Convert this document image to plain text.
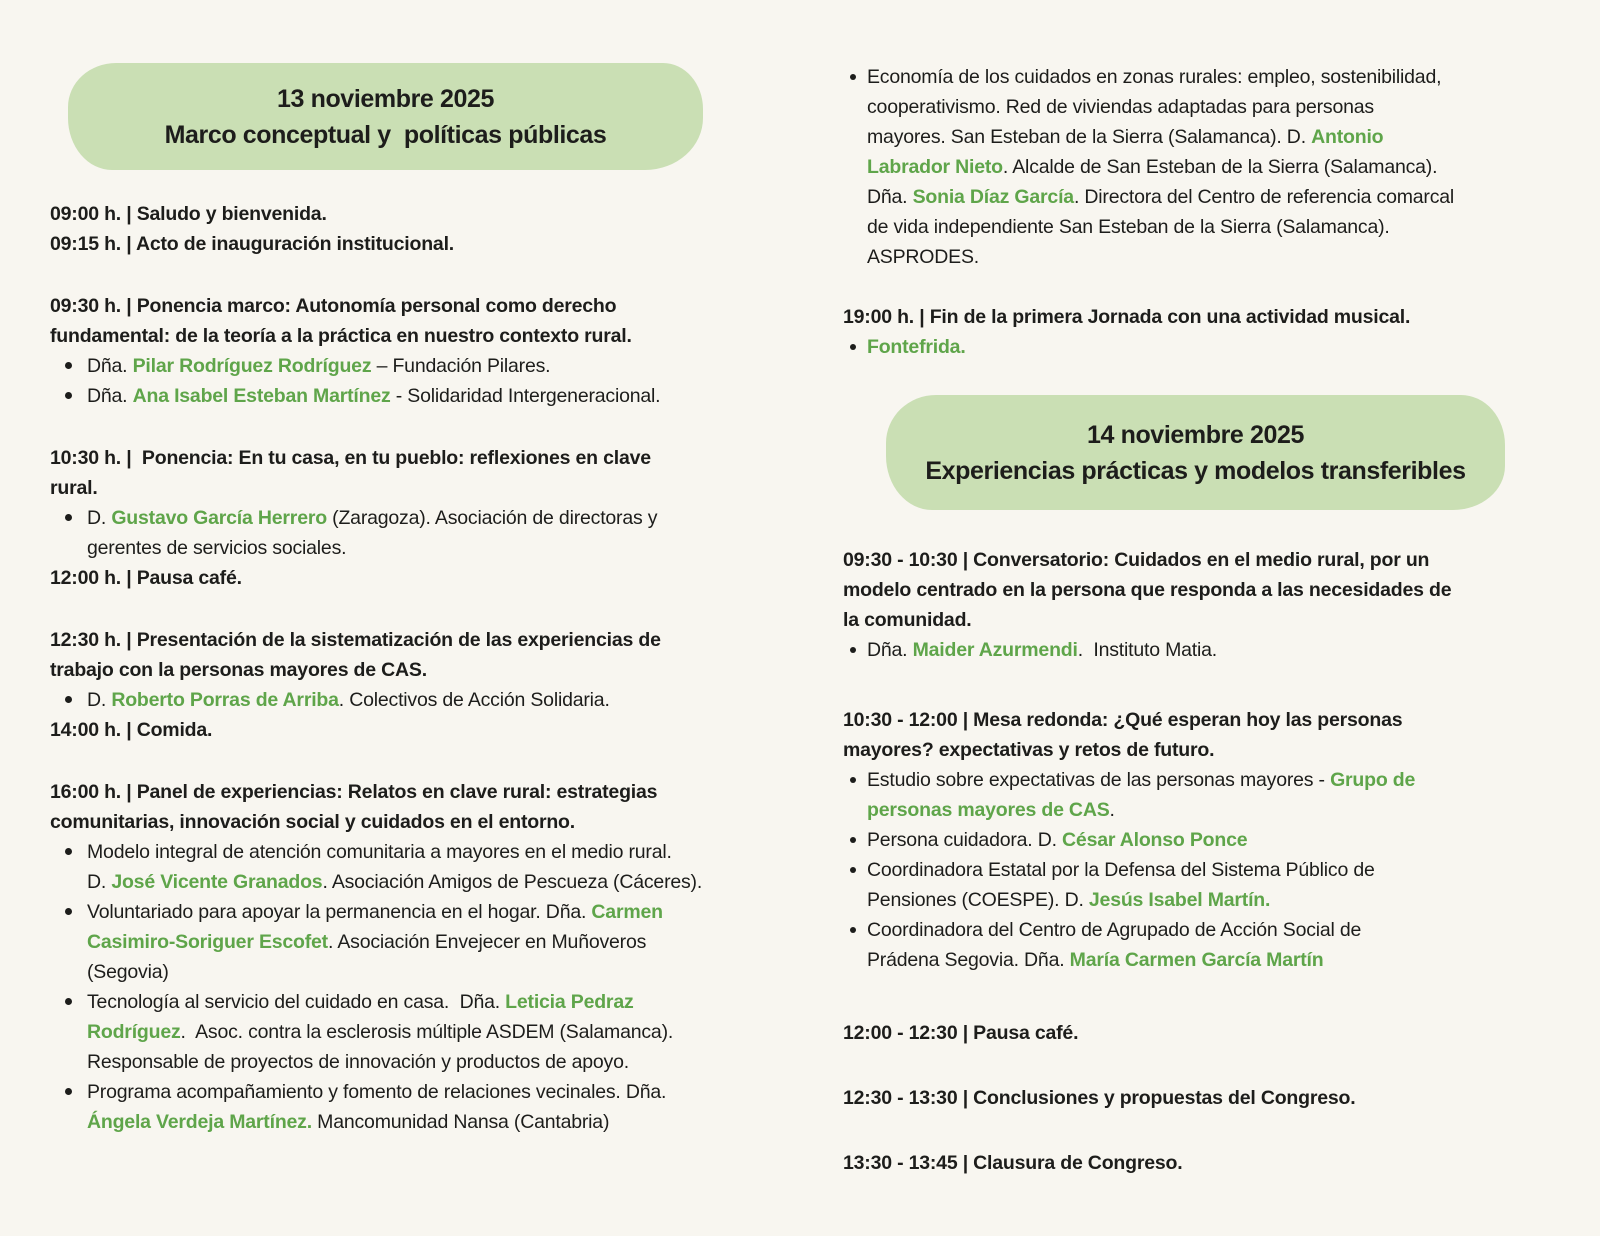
13 noviembre 2025
Marco conceptual y  políticas públicas
09:00 h. | Saludo y bienvenida.
09:15 h. | Acto de inauguración institucional.
09:30 h. | Ponencia marco: Autonomía personal como derecho
fundamental: de la teoría a la práctica en nuestro contexto rural.
Dña. Pilar Rodríguez Rodríguez – Fundación Pilares.
Dña. Ana Isabel Esteban Martínez - Solidaridad Intergeneracional.
10:30 h. |  Ponencia: En tu casa, en tu pueblo: reflexiones en clave
rural.
D. Gustavo García Herrero (Zaragoza). Asociación de directoras y
gerentes de servicios sociales.
12:00 h. | Pausa café.
12:30 h. | Presentación de la sistematización de las experiencias de
trabajo con la personas mayores de CAS.
D. Roberto Porras de Arriba. Colectivos de Acción Solidaria.
14:00 h. | Comida.
16:00 h. | Panel de experiencias: Relatos en clave rural: estrategias
comunitarias, innovación social y cuidados en el entorno.
Modelo integral de atención comunitaria a mayores en el medio rural.
D. José Vicente Granados. Asociación Amigos de Pescueza (Cáceres).
Voluntariado para apoyar la permanencia en el hogar. Dña. Carmen
Casimiro-Soriguer Escofet. Asociación Envejecer en Muñoveros
(Segovia)
Tecnología al servicio del cuidado en casa.  Dña. Leticia Pedraz
Rodríguez.  Asoc. contra la esclerosis múltiple ASDEM (Salamanca).
Responsable de proyectos de innovación y productos de apoyo.
Programa acompañamiento y fomento de relaciones vecinales. Dña.
Ángela Verdeja Martínez. Mancomunidad Nansa (Cantabria)
Economía de los cuidados en zonas rurales: empleo, sostenibilidad,
cooperativismo. Red de viviendas adaptadas para personas
mayores. San Esteban de la Sierra (Salamanca). D. Antonio
Labrador Nieto. Alcalde de San Esteban de la Sierra (Salamanca).
Dña. Sonia Díaz García. Directora del Centro de referencia comarcal
de vida independiente San Esteban de la Sierra (Salamanca).
ASPRODES.
19:00 h. | Fin de la primera Jornada con una actividad musical.
Fontefrida.
14 noviembre 2025
Experiencias prácticas y modelos transferibles
09:30 - 10:30 | Conversatorio: Cuidados en el medio rural, por un
modelo centrado en la persona que responda a las necesidades de
la comunidad.
Dña. Maider Azurmendi.  Instituto Matia.
10:30 - 12:00 | Mesa redonda: ¿Qué esperan hoy las personas
mayores? expectativas y retos de futuro.
Estudio sobre expectativas de las personas mayores - Grupo de
personas mayores de CAS.
Persona cuidadora. D. César Alonso Ponce
Coordinadora Estatal por la Defensa del Sistema Público de
Pensiones (COESPE). D. Jesús Isabel Martín.
Coordinadora del Centro de Agrupado de Acción Social de
Prádena Segovia. Dña. María Carmen García Martín
12:00 - 12:30 | Pausa café.
12:30 - 13:30 | Conclusiones y propuestas del Congreso.
13:30 - 13:45 | Clausura de Congreso.
